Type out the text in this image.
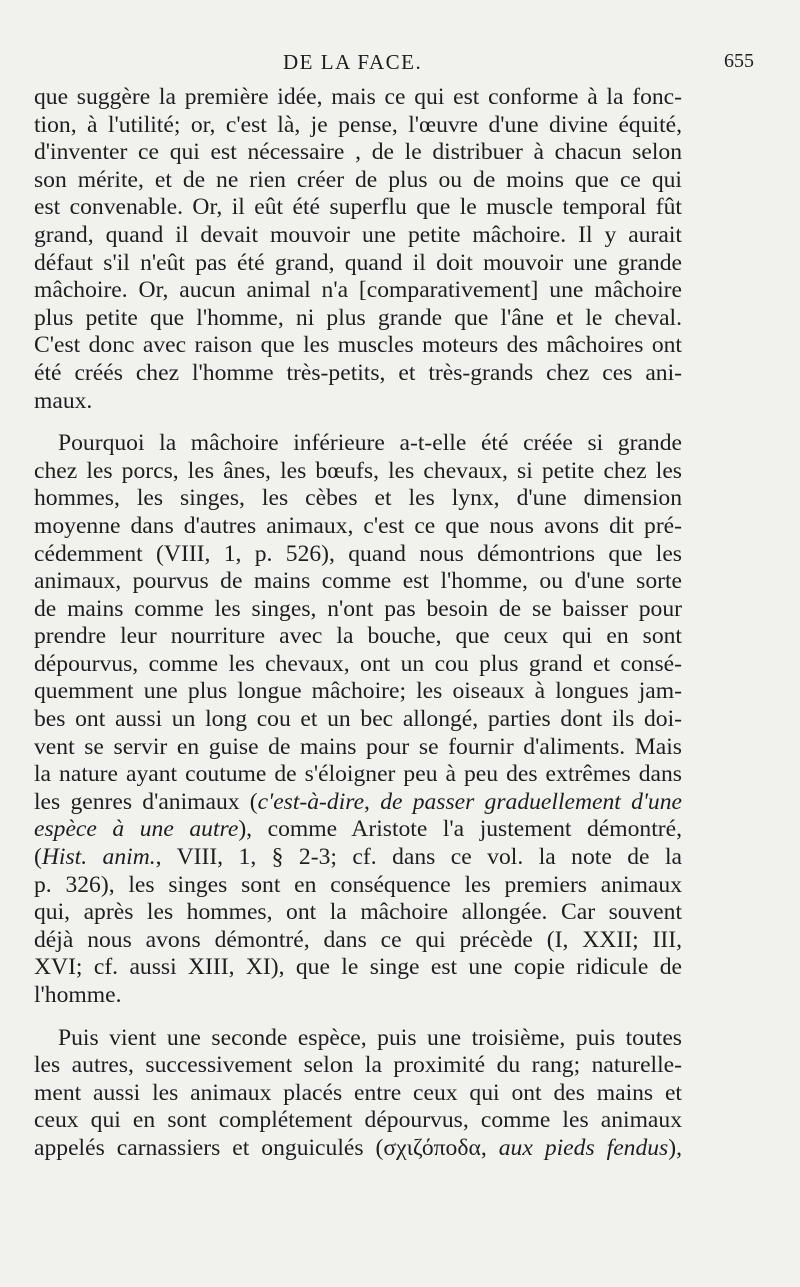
DE LA FACE.	655
que suggère la première idée, mais ce qui est conforme à la fonc-
tion, à l'utilité; or, c'est là, je pense, l'œuvre d'une divine équité,
d'inventer ce qui est nécessaire , de le distribuer à chacun selon
son mérite, et de ne rien créer de plus ou de moins que ce qui
est convenable. Or, il eût été superflu que le muscle temporal fût
grand, quand il devait mouvoir une petite mâchoire. Il y aurait
défaut s'il n'eût pas été grand, quand il doit mouvoir une grande
mâchoire. Or, aucun animal n'a [comparativement] une mâchoire
plus petite que l'homme, ni plus grande que l'âne et le cheval.
C'est donc avec raison que les muscles moteurs des mâchoires ont
été créés chez l'homme très-petits, et très-grands chez ces ani-
maux.
Pourquoi la mâchoire inférieure a-t-elle été créée si grande
chez les porcs, les ânes, les bœufs, les chevaux, si petite chez les
hommes, les singes, les cèbes et les lynx, d'une dimension
moyenne dans d'autres animaux, c'est ce que nous avons dit pré-
cédemment (VIII, 1, p. 526), quand nous démontrions que les
animaux, pourvus de mains comme est l'homme, ou d'une sorte
de mains comme les singes, n'ont pas besoin de se baisser pour
prendre leur nourriture avec la bouche, que ceux qui en sont
dépourvus, comme les chevaux, ont un cou plus grand et consé-
quemment une plus longue mâchoire; les oiseaux à longues jam-
bes ont aussi un long cou et un bec allongé, parties dont ils doi-
vent se servir en guise de mains pour se fournir d'aliments. Mais
la nature ayant coutume de s'éloigner peu à peu des extrêmes dans
les genres d'animaux (c'est-à-dire, de passer graduellement d'une
espèce à une autre), comme Aristote l'a justement démontré,
(Hist. anim., VIII, 1, § 2-3; cf. dans ce vol. la note de la
p. 326), les singes sont en conséquence les premiers animaux
qui, après les hommes, ont la mâchoire allongée. Car souvent
déjà nous avons démontré, dans ce qui précède (I, XXII; III,
XVI; cf. aussi XIII, XI), que le singe est une copie ridicule de
l'homme.
Puis vient une seconde espèce, puis une troisième, puis toutes
les autres, successivement selon la proximité du rang; naturelle-
ment aussi les animaux placés entre ceux qui ont des mains et
ceux qui en sont complétement dépourvus, comme les animaux
appelés carnassiers et onguiculés (σχιζόποδα, aux pieds fendus),
